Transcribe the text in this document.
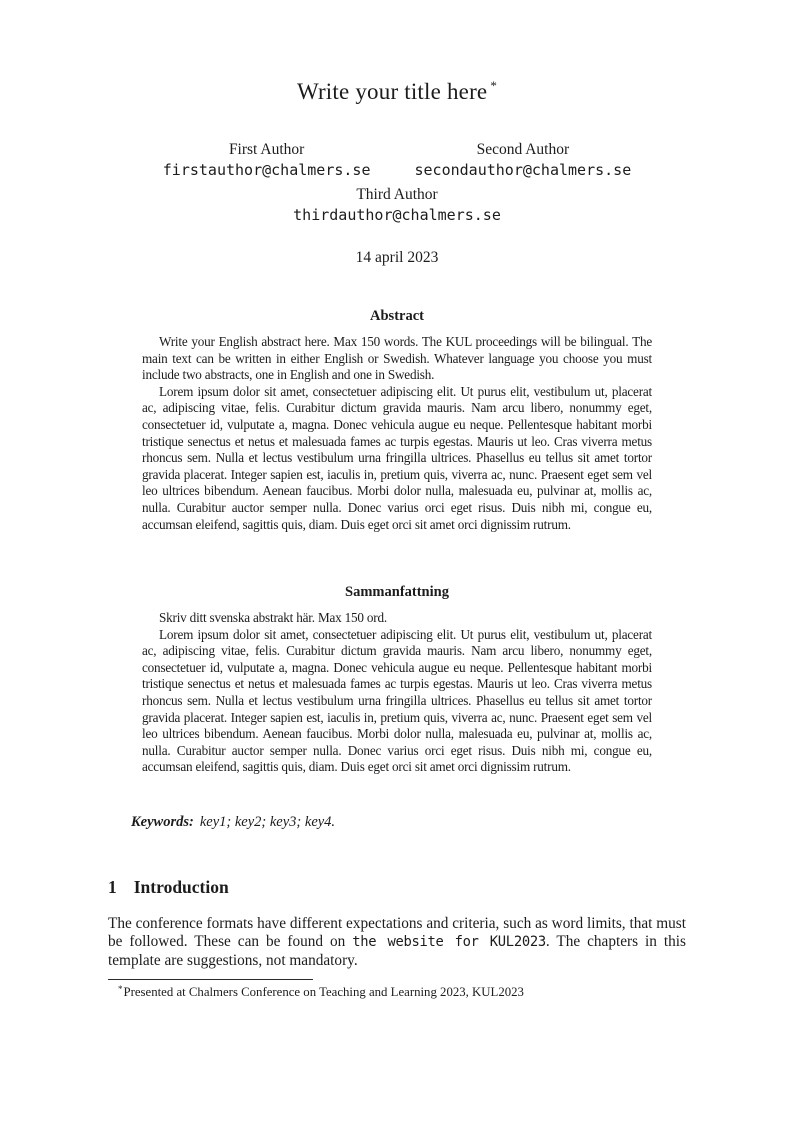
Write your title here *
First Author
firstauthor@chalmers.se
Second Author
secondauthor@chalmers.se
Third Author
thirdauthor@chalmers.se
14 april 2023
Abstract

Write your English abstract here. Max 150 words. The KUL proceedings will be bilingual. The main text can be written in either English or Swedish. Whatever language you choose you must include two abstracts, one in English and one in Swedish.

Lorem ipsum dolor sit amet, consectetuer adipiscing elit. Ut purus elit, vestibulum ut, placerat ac, adipiscing vitae, felis. Curabitur dictum gravida mauris. Nam arcu libero, nonummy eget, consectetuer id, vulputate a, magna. Donec vehicula augue eu neque. Pellentesque habitant morbi tristique senectus et netus et malesuada fames ac turpis egestas. Mauris ut leo. Cras viverra metus rhoncus sem. Nulla et lectus vestibulum urna fringilla ultrices. Phasellus eu tellus sit amet tortor gravida placerat. Integer sapien est, iaculis in, pretium quis, viverra ac, nunc. Praesent eget sem vel leo ultrices bibendum. Aenean faucibus. Morbi dolor nulla, malesuada eu, pulvinar at, mollis ac, nulla. Curabitur auctor semper nulla. Donec varius orci eget risus. Duis nibh mi, congue eu, accumsan eleifend, sagittis quis, diam. Duis eget orci sit amet orci dignissim rutrum.

Sammanfattning

Skriv ditt svenska abstrakt här. Max 150 ord.

Lorem ipsum dolor sit amet, consectetuer adipiscing elit. Ut purus elit, vestibulum ut, placerat ac, adipiscing vitae, felis. Curabitur dictum gravida mauris. Nam arcu libero, nonummy eget, consectetuer id, vulputate a, magna. Donec vehicula augue eu neque. Pellentesque habitant morbi tristique senectus et netus et malesuada fames ac turpis egestas. Mauris ut leo. Cras viverra metus rhoncus sem. Nulla et lectus vestibulum urna fringilla ultrices. Phasellus eu tellus sit amet tortor gravida placerat. Integer sapien est, iaculis in, pretium quis, viverra ac, nunc. Praesent eget sem vel leo ultrices bibendum. Aenean faucibus. Morbi dolor nulla, malesuada eu, pulvinar at, mollis ac, nulla. Curabitur auctor semper nulla. Donec varius orci eget risus. Duis nibh mi, congue eu, accumsan eleifend, sagittis quis, diam. Duis eget orci sit amet orci dignissim rutrum.

Keywords: key1; key2; key3; key4.
1 Introduction

The conference formats have different expectations and criteria, such as word limits, that must be followed. These can be found on the website for KUL2023. The chapters in this template are suggestions, not mandatory.

*Presented at Chalmers Conference on Teaching and Learning 2023, KUL2023
